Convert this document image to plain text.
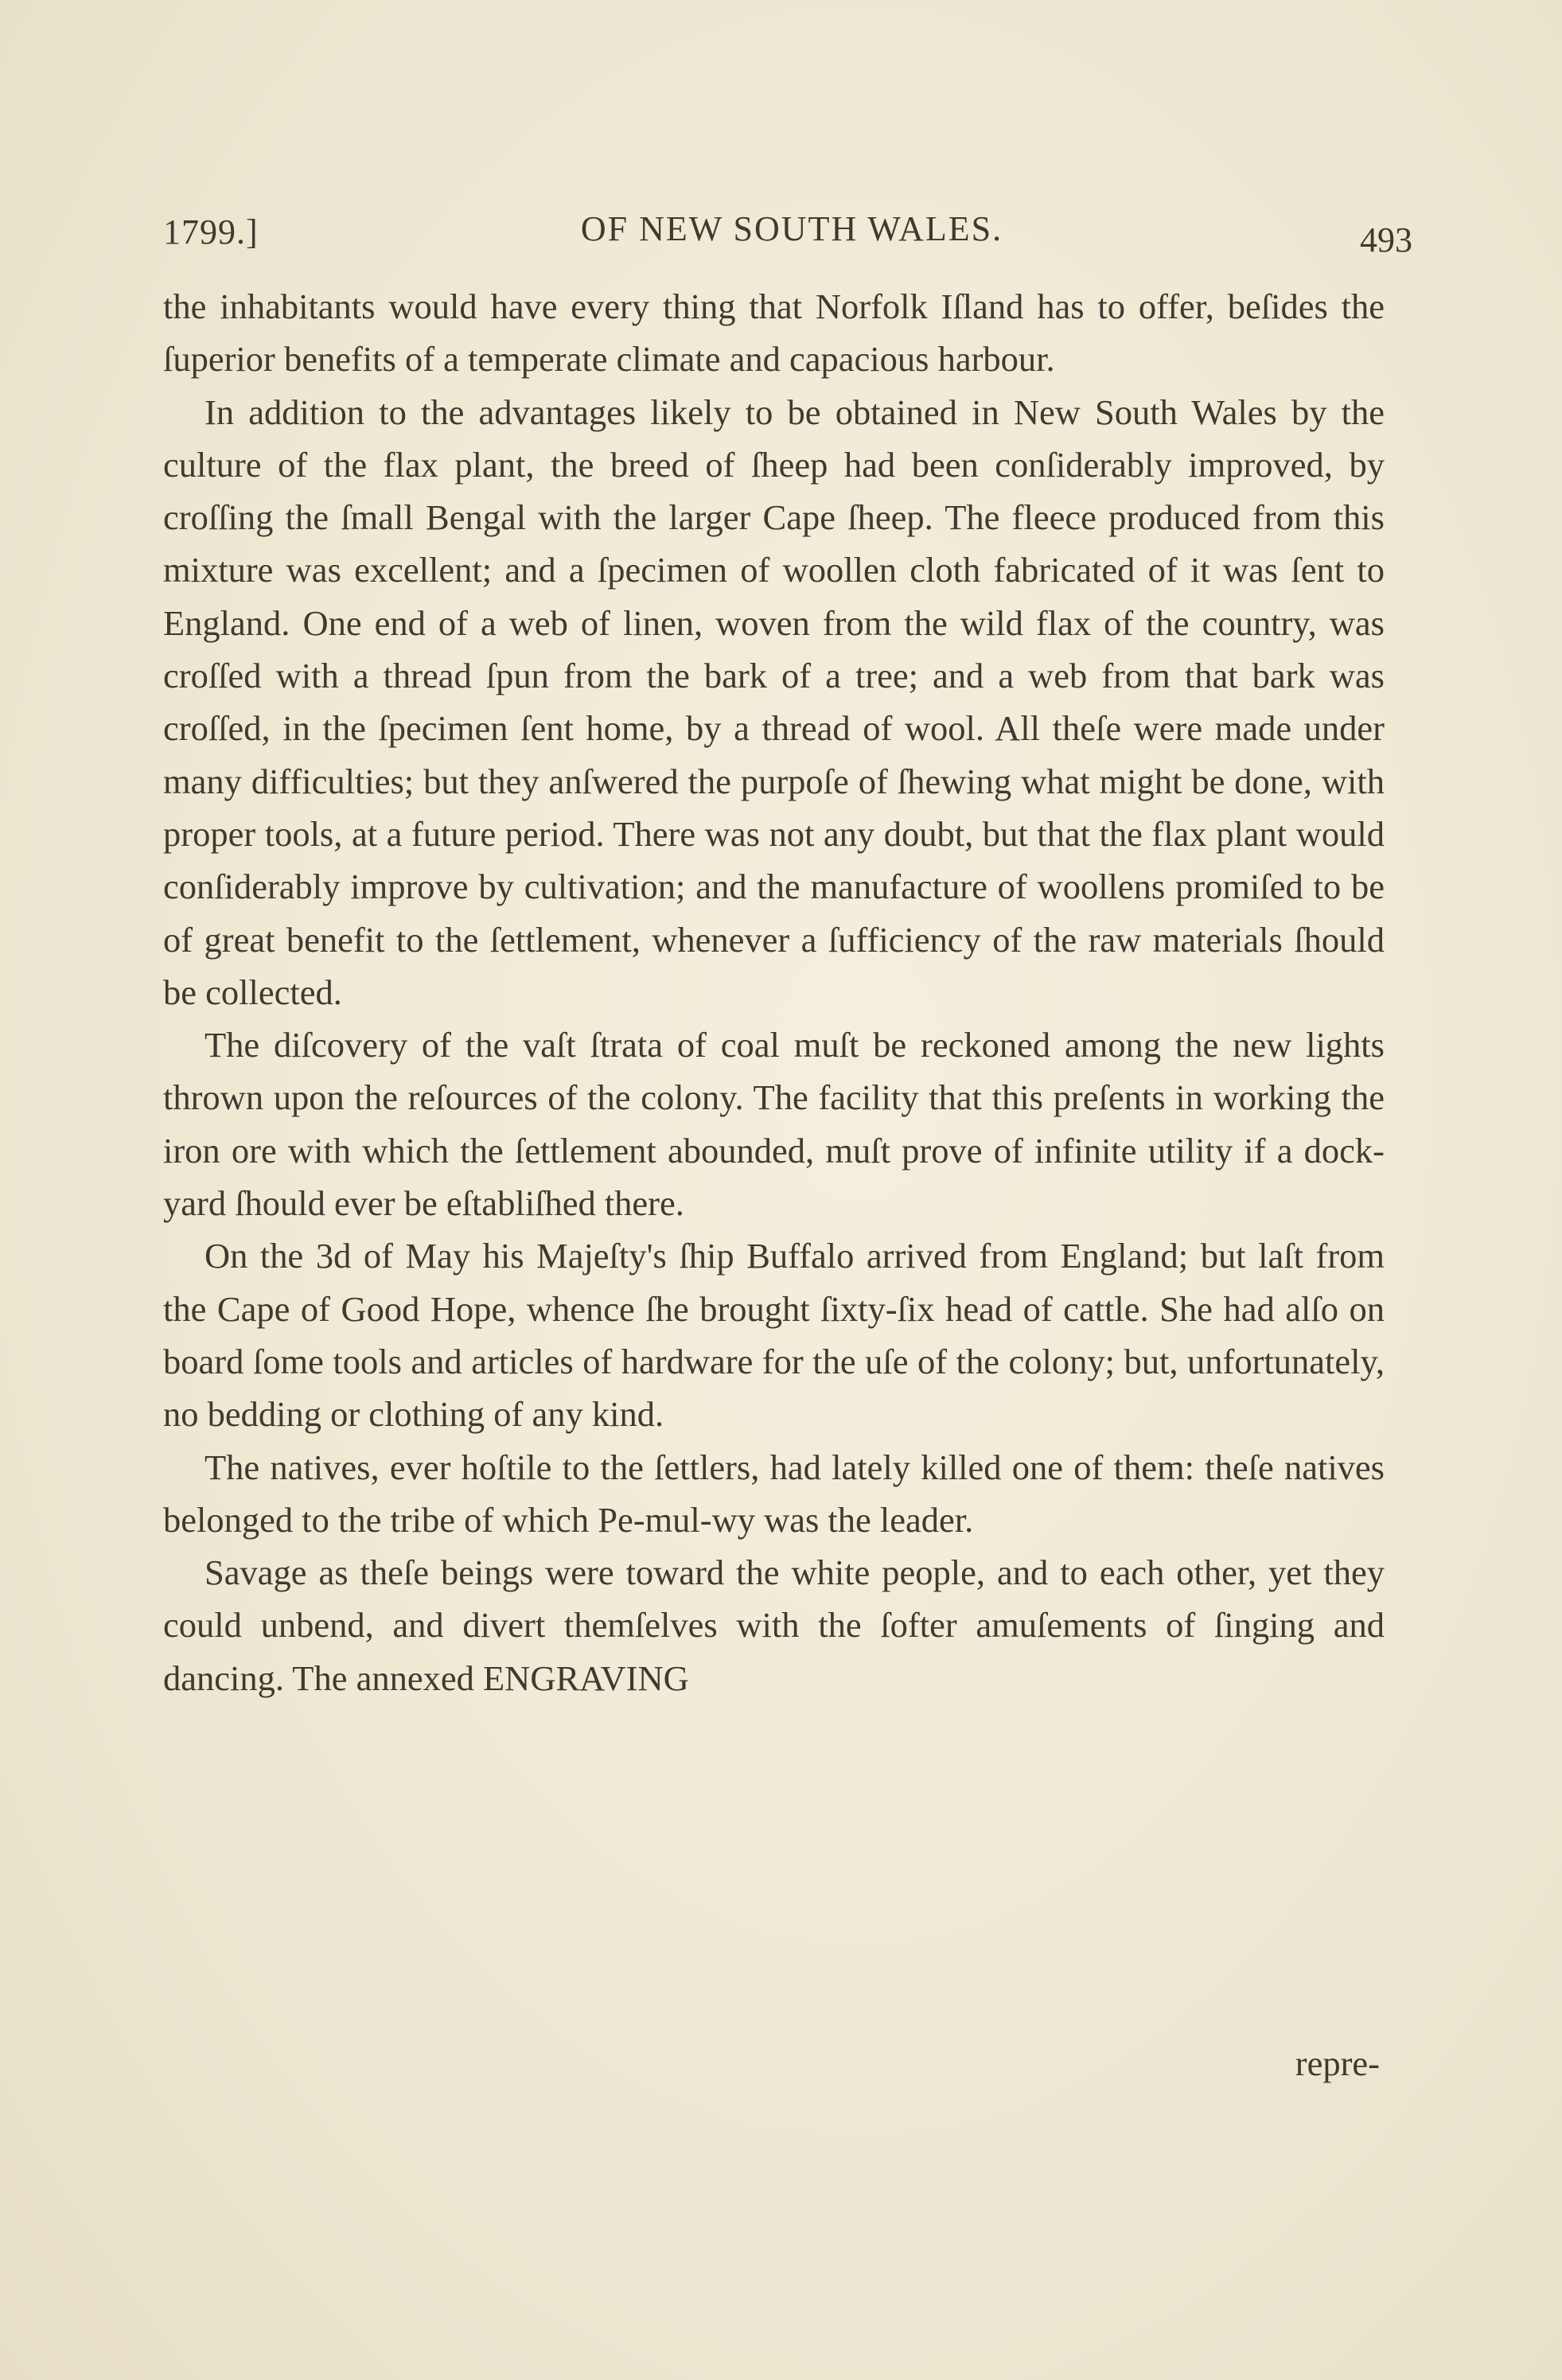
1799.]	OF NEW SOUTH WALES.	493

the inhabitants would have every thing that Norfolk Iſland has to offer, beſides the ſuperior benefits of a temperate climate and capacious harbour.

In addition to the advantages likely to be obtained in New South Wales by the culture of the flax plant, the breed of ſheep had been conſiderably improved, by croſſing the ſmall Bengal with the larger Cape ſheep. The fleece produced from this mixture was excellent; and a ſpecimen of woollen cloth fabricated of it was ſent to England. One end of a web of linen, woven from the wild flax of the country, was croſſed with a thread ſpun from the bark of a tree; and a web from that bark was croſſed, in the ſpecimen ſent home, by a thread of wool. All theſe were made under many difficulties; but they anſwered the purpoſe of ſhewing what might be done, with proper tools, at a future period. There was not any doubt, but that the flax plant would conſiderably improve by cultivation; and the manufacture of woollens promiſed to be of great benefit to the ſettlement, whenever a ſufficiency of the raw materials ſhould be collected.

The diſcovery of the vaſt ſtrata of coal muſt be reckoned among the new lights thrown upon the reſources of the colony. The facility that this preſents in working the iron ore with which the ſettlement abounded, muſt prove of infinite utility if a dock-yard ſhould ever be eſtabliſhed there.

On the 3d of May his Majeſty's ſhip Buffalo arrived from England; but laſt from the Cape of Good Hope, whence ſhe brought ſixty-ſix head of cattle. She had alſo on board ſome tools and articles of hardware for the uſe of the colony; but, unfortunately, no bedding or clothing of any kind.

The natives, ever hoſtile to the ſettlers, had lately killed one of them: theſe natives belonged to the tribe of which Pe-mul-wy was the leader.

Savage as theſe beings were toward the white people, and to each other, yet they could unbend, and divert themſelves with the ſofter amuſements of ſinging and dancing. The annexed ENGRAVING

repre-
